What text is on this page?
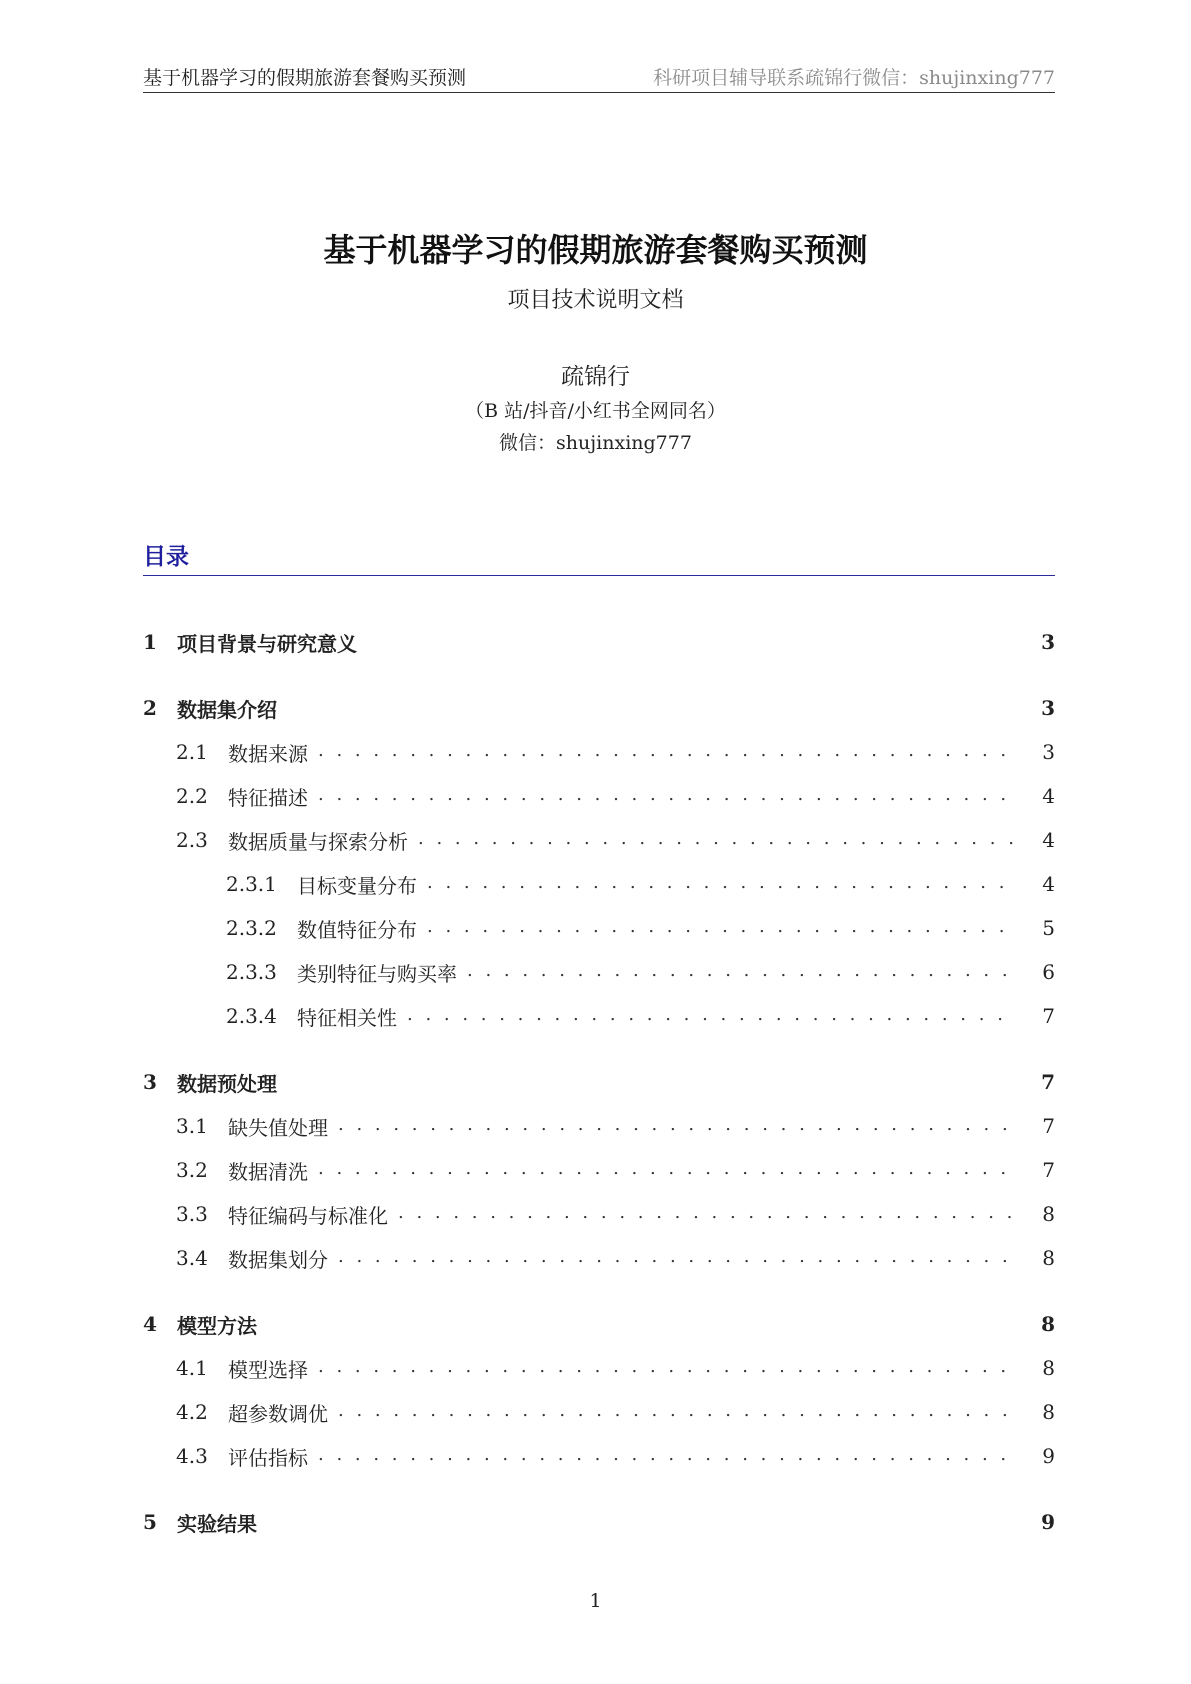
基于机器学习的假期旅游套餐购买预测	科研项目辅导联系疏锦行微信：shujinxing777
基于机器学习的假期旅游套餐购买预测
项目技术说明文档
疏锦行
（B 站/抖音/小红书全网同名）
微信：shujinxing777
目录
1	项目背景与研究意义	3
2	数据集介绍	3
2.1	数据来源 . . .	3
2.2	特征描述 . . .	4
2.3	数据质量与探索分析 . . .	4
2.3.1	目标变量分布 . . .	4
2.3.2	数值特征分布 . . .	5
2.3.3	类别特征与购买率 . . .	6
2.3.4	特征相关性 . . .	7
3	数据预处理	7
3.1	缺失值处理 . . .	7
3.2	数据清洗 . . .	7
3.3	特征编码与标准化 . . .	8
3.4	数据集划分 . . .	8
4	模型方法	8
4.1	模型选择 . . .	8
4.2	超参数调优 . . .	8
4.3	评估指标 . . .	9
5	实验结果	9
1
